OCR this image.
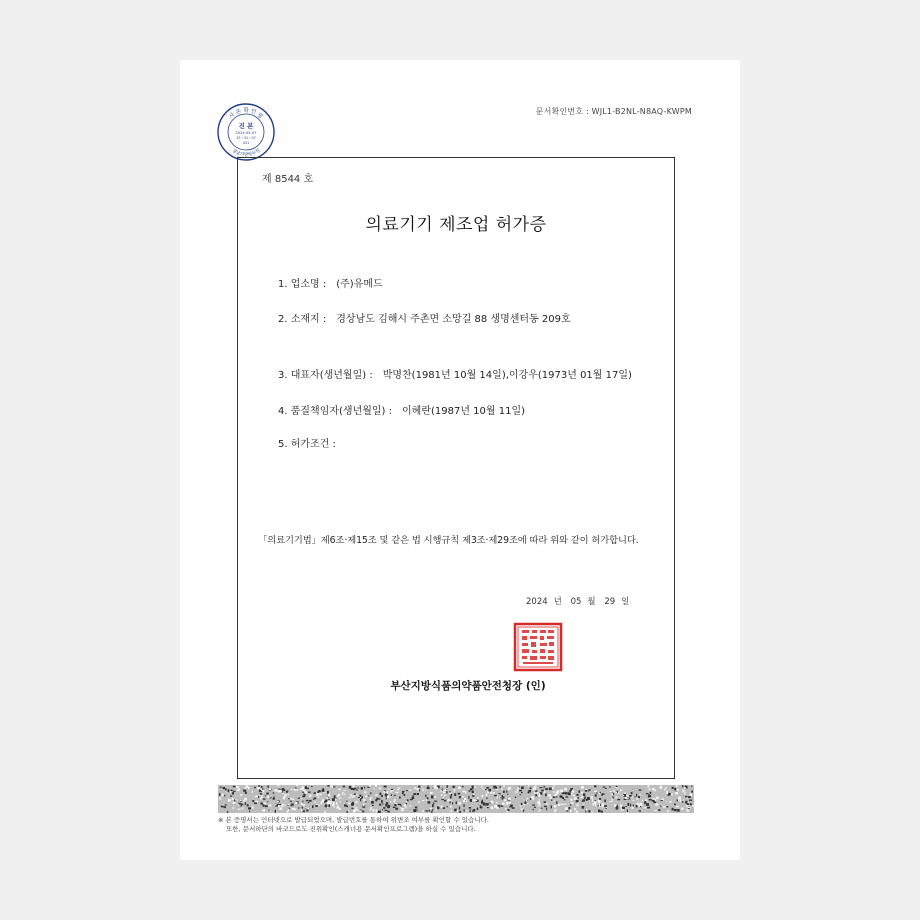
문서확인번호 : WJL1-B2NL-N8AQ-KWPM
사 본 확 인 필
경남지방병무청
진 본
2024-05-07
15 : 31 : 07
431
제 8544 호
의료기기 제조업 허가증
1. 업소명 : (주)유메드
2. 소재지 : 경상남도 김해시 주촌면 소망길 88 생명센터동 209호
3. 대표자(생년월일) : 박명찬(1981년 10월 14일),이강우(1973년 01월 17일)
4. 품질책임자(생년월일) : 이혜란(1987년 10월 11일)
5. 허가조건 :
「의료기기법」제6조·제15조 및 같은 법 시행규칙 제3조·제29조에 따라 위와 같이 허가합니다.
2024 년 05 월 29 일
부산지방식품의약품안전청장 (인)
※ 본 증명서는 인터넷으로 발급되었으며, 발급번호를 통하여 위변조 여부를 확인할 수 있습니다.
또한, 문서하단의 바코드로도 진위확인(스캐너용 문서확인프로그램)을 하실 수 있습니다.
